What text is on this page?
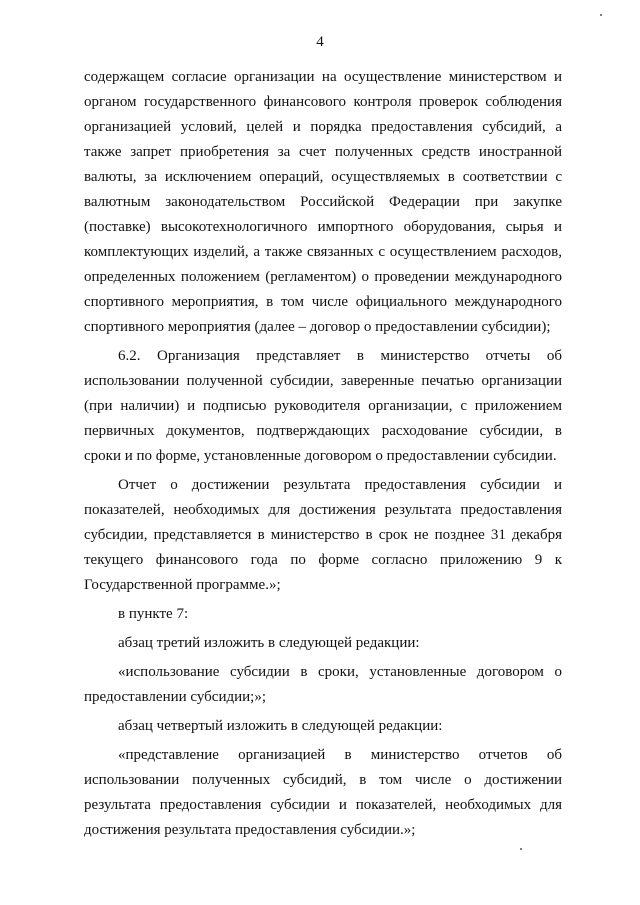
4

содержащем согласие организации на осуществление министерством и органом государственного финансового контроля проверок соблюдения организацией условий, целей и порядка предоставления субсидий, а также запрет приобретения за счет полученных средств иностранной валюты, за исключением операций, осуществляемых в соответствии с валютным законодательством Российской Федерации при закупке (поставке) высокотехнологичного импортного оборудования, сырья и комплектующих изделий, а также связанных с осуществлением расходов, определенных положением (регламентом) о проведении международного спортивного мероприятия, в том числе официального международного спортивного мероприятия (далее – договор о предоставлении субсидии);

6.2. Организация представляет в министерство отчеты об использовании полученной субсидии, заверенные печатью организации (при наличии) и подписью руководителя организации, с приложением первичных документов, подтверждающих расходование субсидии, в сроки и по форме, установленные договором о предоставлении субсидии.

Отчет о достижении результата предоставления субсидии и показателей, необходимых для достижения результата предоставления субсидии, представляется в министерство в срок не позднее 31 декабря текущего финансового года по форме согласно приложению 9 к Государственной программе.»;

в пункте 7:

абзац третий изложить в следующей редакции:

«использование субсидии в сроки, установленные договором о предоставлении субсидии;»;

абзац четвертый изложить в следующей редакции:

«представление организацией в министерство отчетов об использовании полученных субсидий, в том числе о достижении результата предоставления субсидии и показателей, необходимых для достижения результата предоставления субсидии.»;
